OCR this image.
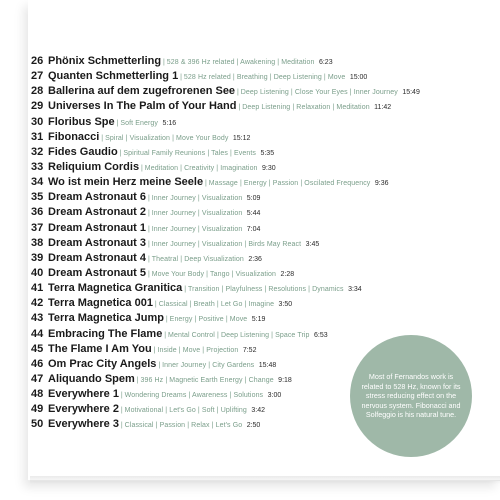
26 Phönix Schmetterling | 528 & 396 Hz related | Awakening | Meditation 6:23
27 Quanten Schmetterling 1 | 528 Hz related | Breathing | Deep Listening | Move 15:00
28 Ballerina auf dem zugefrorenen See | Deep Listening | Close Your Eyes | Inner Journey 15:49
29 Universes In The Palm of Your Hand | Deep Listening | Relaxation | Meditation 11:42
30 Floribus Spe | Soft Energy 5:16
31 Fibonacci | Spiral | Visualization | Move Your Body 15:12
32 Fides Gaudio | Spiritual Family Reunions | Tales | Events 5:35
33 Reliquium Cordis | Meditation | Creativity | Imagination 9:30
34 Wo ist mein Herz meine Seele | Massage | Energy | Passion | Oscilated Frequency 9:36
35 Dream Astronaut 6 | Inner Journey | Visualization 5:09
36 Dream Astronaut 2 | Inner Journey | Visualization 5:44
37 Dream Astronaut 1 | Inner Journey | Visualization 7:04
38 Dream Astronaut 3 | Inner Journey | Visualization | Birds May React 3:45
39 Dream Astronaut 4 | Theatral | Deep Visualization 2:36
40 Dream Astronaut 5 | Move Your Body | Tango | Visualization 2:28
41 Terra Magnetica Granitica | Transition | Playfulness | Resolutions | Dynamics 3:34
42 Terra Magnetica 001 | Classical | Breath | Let Go | Imagine 3:50
43 Terra Magnetica Jump | Energy | Positive | Move 5:19
44 Embracing The Flame | Mental Control | Deep Listening | Space Trip 6:53
45 The Flame I Am You | Inside | Move | Projection 7:52
46 Om Prac City Angels | Inner Journey | City Gardens 15:48
47 Aliquando Spem | 396 Hz | Magnetic Earth Energy | Change 9:18
48 Everywhere 1 | Wondering Dreams | Awareness | Solutions 3:00
49 Everywhere 2 | Motivational | Let's Go | Soft | Uplifting 3:42
50 Everywhere 3 | Classical | Passion | Relax | Let's Go 2:50

Most of Fernandos work is related to 528 Hz, known for its stress reducing effect on the nervous system. Fibonacci and Solfeggio is his natural tune.
